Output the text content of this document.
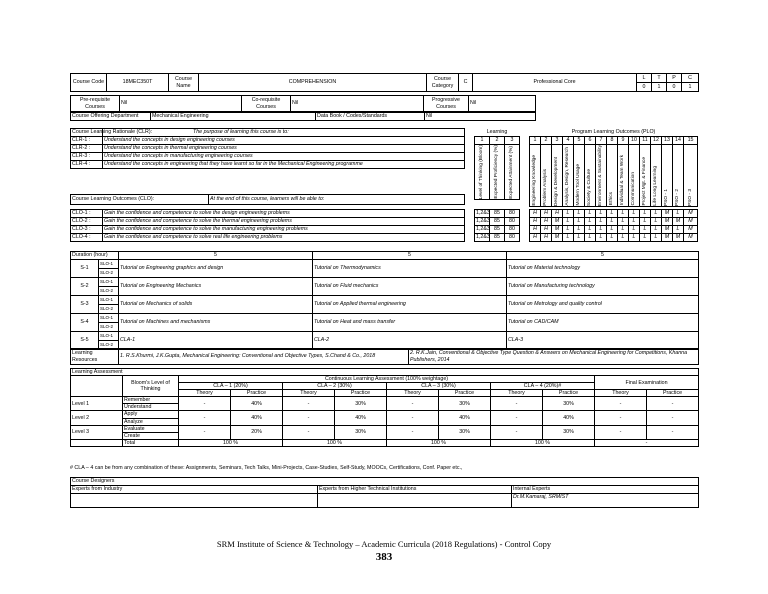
Course Code	18MEC350T	Course Name	COMPREHENSION	Course Category	C	Professional Core	L	T	P	C
							0	1	0	1
Pre-requisite Courses	Nil	Co-requisite Courses	Nil	Progressive Courses	Nil
Course Offering Department	Mechanical Engineering	Data Book / Codes/Standards	Nil
Course Learning Rationale (CLR):	The purpose of learning this course is to:
CLR-1 :	Understand the concepts in design engineering courses
CLR-2 :	Understand the concepts in thermal engineering courses
CLR-3 :	Understand the concepts in manufacturing engineering courses
CLR-4 :	Understand the concepts in engineering that they have learnt so far in the Mechanical Engineering programme
Course Learning Outcomes (CLO):	At the end of this course, learners will be able to:
CLO-1 :	Gain the confidence and competence to solve the design engineering problems
CLO-2 :	Gain the confidence and competence to solve the thermal engineering problems
CLO-3 :	Gain the confidence and competence to solve the manufacturing engineering problems
CLO-4 :	Gain the confidence and competence to solve real life engineering problems
Learning		
1	2	3

Level of Thinking (Bloom)	Expected Proficiency (%)	Expected Attainment (%)
Program Learning Outcomes (PLO)														
1	2	3	4	5	6	7	8	9	10	11	12	13	14	15

Engineering Knowledge	Problem Analysis	Design & Development	Analysis, Design, Research	Modern Tool Usage	Society & Culture	Environment & Sustainability	Ethics	Individual & Team Work	Communication	Project Mgt. & Finance	Life Long Learning	PSO - 1	PSO - 2	PSO - 3
1,2&3	85	80		H	H	H	L	L	L	L	L	L	L	L	L	M	L	M
1,2&3	85	80		H	H	M	L	L	L	L	L	L	L	L	L	M	M	M
1,2&3	85	80		H	H	M	L	L	L	L	L	L	L	L	L	M	L	M
1,2&3	85	80		H	H	M	L	L	L	L	L	L	L	L	L	M	M	M
Duration (hour)		5	5	5
S-1	SLO-1	Tutorial on Engineering graphics and design	Tutorial on Thermodynamics	Tutorial on Material technology
	SLO-2			
S-2	SLO-1	Tutorial on Engineering Mechanics	Tutorial on Fluid mechanics	Tutorial on Manufacturing technology
	SLO-2			
S-3	SLO-1	Tutorial on Mechanics of solids	Tutorial on Applied thermal engineering	Tutorial on Metrology and quality control
	SLO-2			
S-4	SLO-1	Tutorial on Machines and mechanisms	Tutorial on Heat and mass transfer	Tutorial on CAD/CAM
	SLO-2			
S-5	SLO-1	CLA-1	CLA-2	CLA-3
	SLO-2			
Learning Resources	1. R.S.Khurmi, J.K.Gupta, Mechanical Engineering: Conventional and Objective Types, S.Chand & Co., 2018	2. R.K.Jain, Conventional & Objective Type Question & Answers on Mechanical Engineering for Competitions, Khanna Publishers, 2014
Learning Assessment											
	Bloom's Level of Thinking	Continuous Learning Assessment (100% weightage)								Final Examination	
		CLA – 1 (20%)		CLA – 2 (30%)		CLA – 3 (30%)		CLA – 4 (20%)#			
		Theory	Practice	Theory	Practice	Theory	Practice	Theory	Practice	Theory	Practice
Level 1	Remember	-	40%	-	30%	-	30%	-	30%	-	-
	Understand										
Level 2	Apply	-	40%	-	40%	-	40%	-	40%	-	-
	Analyze										
Level 3	Evaluate	-	20%	-	30%	-	30%	-	30%	-	-
	Create										
	Total	100 %		100 %		100 %		100 %		-	
# CLA – 4 can be from any combination of these: Assignments, Seminars, Tech Talks, Mini-Projects, Case-Studies, Self-Study, MOOCs, Certifications, Conf. Paper etc.,
Course Designers		
Experts from Industry	Experts from Higher Technical Institutions	Internal Experts
		Dr.M.Kamaraj, SRMIST
SRM Institute of Science & Technology – Academic Curricula (2018 Regulations) - Control Copy
383
